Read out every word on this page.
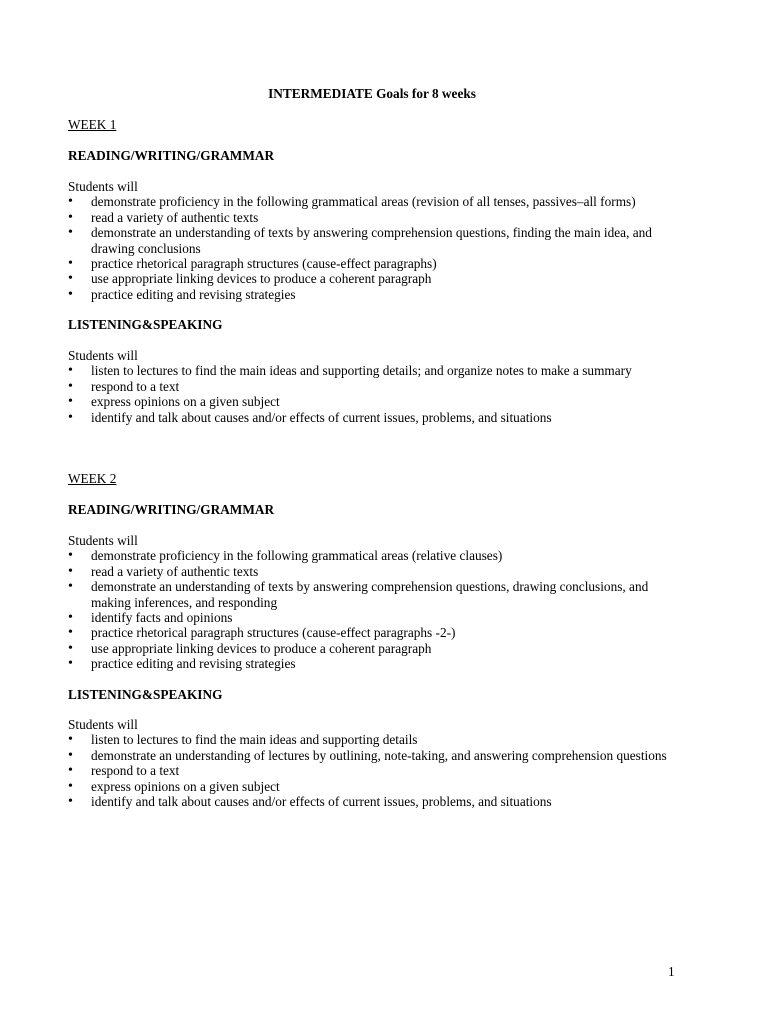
INTERMEDIATE Goals for 8 weeks
WEEK 1
READING/WRITING/GRAMMAR
Students will
• demonstrate proficiency in the following grammatical areas (revision of all tenses, passives–all forms)
• read a variety of authentic texts
• demonstrate an understanding of texts by answering comprehension questions, finding the main idea, and drawing conclusions
• practice rhetorical paragraph structures (cause-effect paragraphs)
• use appropriate linking devices to produce a coherent paragraph
• practice editing and revising strategies
LISTENING&SPEAKING
Students will
• listen to lectures to find the main ideas and supporting details; and organize notes to make a summary
• respond to a text
• express opinions on a given subject
• identify and talk about causes and/or effects of current issues, problems, and situations
WEEK 2
READING/WRITING/GRAMMAR
Students will
• demonstrate proficiency in the following grammatical areas (relative clauses)
• read a variety of authentic texts
• demonstrate an understanding of texts by answering comprehension questions, drawing conclusions, and making inferences, and responding
• identify facts and opinions
• practice rhetorical paragraph structures (cause-effect paragraphs -2-)
• use appropriate linking devices to produce a coherent paragraph
• practice editing and revising strategies
LISTENING&SPEAKING
Students will
• listen to lectures to find the main ideas and supporting details
• demonstrate an understanding of lectures by outlining, note-taking, and answering comprehension questions
• respond to a text
• express opinions on a given subject
• identify and talk about causes and/or effects of current issues, problems, and situations
1
